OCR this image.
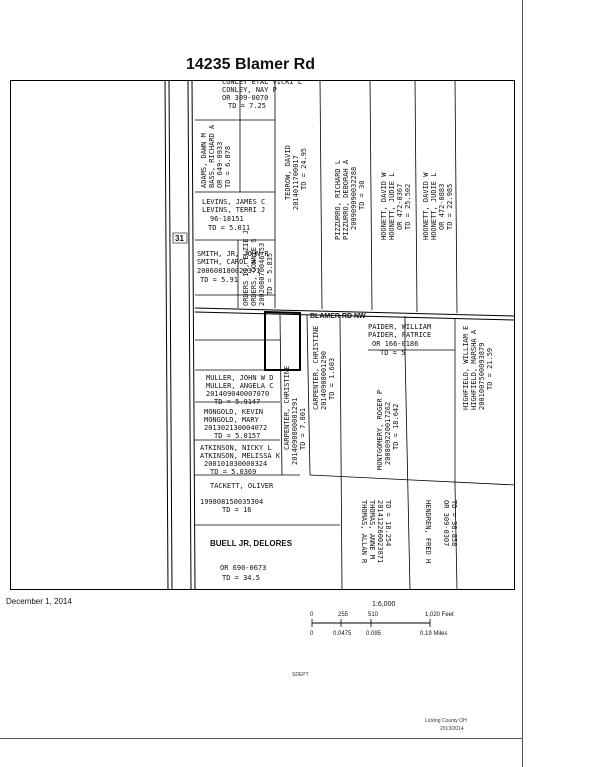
14235 Blamer Rd
BLAMER RD NW
31
CONLEY ETAL VICKI L
CONLEY, NAY P
OR 309-0070
TD = 7.25
ADAMS, DAWN M BASS, RICHARD A OR 649-0933 TD = 6.878	TEDROW, DAVID 2014011700017 TD = 24.95	PIZZURRO, RICHARD L PIZZURRO, DEBORAH A 200909090032288 TD = 30 HOONETT, DAVID W HOONETT, JUDIE L OR 472-0367 TD = 25.502 HOONETT, DAVID W HOONETT, JUDIE L OR 472-0883 TD = 22.985
LEVINS, JAMES C
LEVINS, TERRI J
96-18151
TD = 5.011
SMITH, JR, JOHN R
SMITH, CAROL A
200608180022371
TD = 5.91 ORDERS II, ELZIE J ORDERS, CONNIE S 200208070046453 TD = 5.835
PAIDER, WILLIAM
PAIDER, PATRICE
OR 166-0186
TD = 5
MULLER, JOHN W D
MULLER, ANGELA C
201409040007070
TD = 5.9147
MONGOLD, KEVIN
MONGOLD, MARY
201302130004072
TD = 5.0157
ATKINSON, NICKY L
ATKINSON, MELISSA K
200101030000324
TD = 5.0369
TACKETT, OLIVER
199808150035304
TD = 16
BUELL JR, DELORES
OR 690-0673
TD = 34.5
CARPENTER, CHRISTINE 2014090800001291 TD = 7.801
CARPENTER, CHRISTINE 20140908001290 TD = 1.603
MONTGOMERY, ROGER P 200809220017262 TD = 18.642
HIGHFIELD, WILLIAM E HIGHFIELD, MARSHA A 2001007500093879 TD = 21.59
THOMAS, ALLAN R THOMAS, ANNE M 201412260023871 TD = 18.254	HENDREN, FRED H OR 309-0307 TD = 38.858
December 1, 2014	1:6,000
0	255	510	1,020 Feet
0	0.0475 0.095	0.19 Miles
SDEPT
Licking County OH
2013/2014
